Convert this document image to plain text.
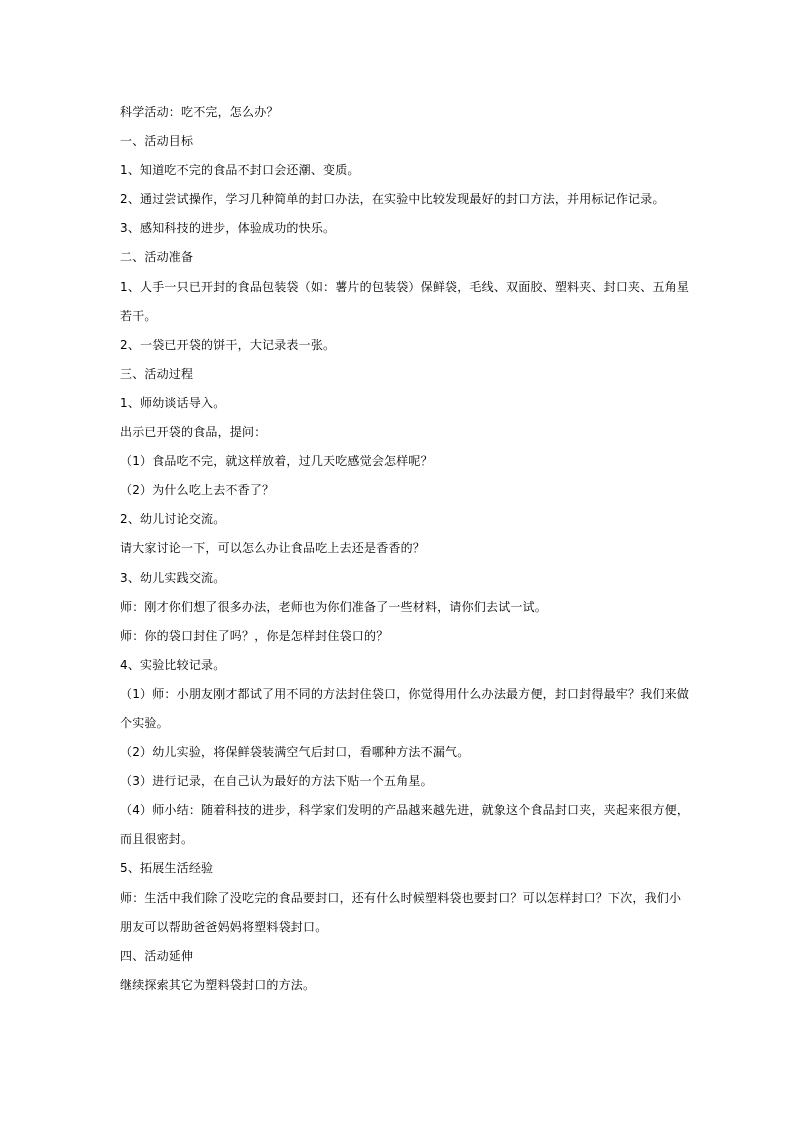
科学活动：吃不完，怎么办？
一、活动目标
1、知道吃不完的食品不封口会还潮、变质。
2、通过尝试操作，学习几种简单的封口办法，在实验中比较发现最好的封口方法，并用标记作记录。
3、感知科技的进步，体验成功的快乐。
二、活动准备
1、人手一只已开封的食品包装袋（如：薯片的包装袋）保鲜袋，毛线、双面胶、塑料夹、封口夹、五角星
若干。
2、一袋已开袋的饼干，大记录表一张。
三、活动过程
1、师幼谈话导入。
出示已开袋的食品，提问：
（1）食品吃不完，就这样放着，过几天吃感觉会怎样呢？
（2）为什么吃上去不香了？
2、幼儿讨论交流。
请大家讨论一下，可以怎么办让食品吃上去还是香香的？
3、幼儿实践交流。
师：刚才你们想了很多办法，老师也为你们准备了一些材料，请你们去试一试。
师：你的袋口封住了吗？，你是怎样封住袋口的？
4、实验比较记录。
（1）师：小朋友刚才都试了用不同的方法封住袋口，你觉得用什么办法最方便，封口封得最牢？我们来做
个实验。
（2）幼儿实验，将保鲜袋装满空气后封口，看哪种方法不漏气。
（3）进行记录，在自己认为最好的方法下贴一个五角星。
（4）师小结：随着科技的进步，科学家们发明的产品越来越先进，就象这个食品封口夹，夹起来很方便，
而且很密封。
5、拓展生活经验
师：生活中我们除了没吃完的食品要封口，还有什么时候塑料袋也要封口？可以怎样封口？下次，我们小
朋友可以帮助爸爸妈妈将塑料袋封口。
四、活动延伸
继续探索其它为塑料袋封口的方法。
